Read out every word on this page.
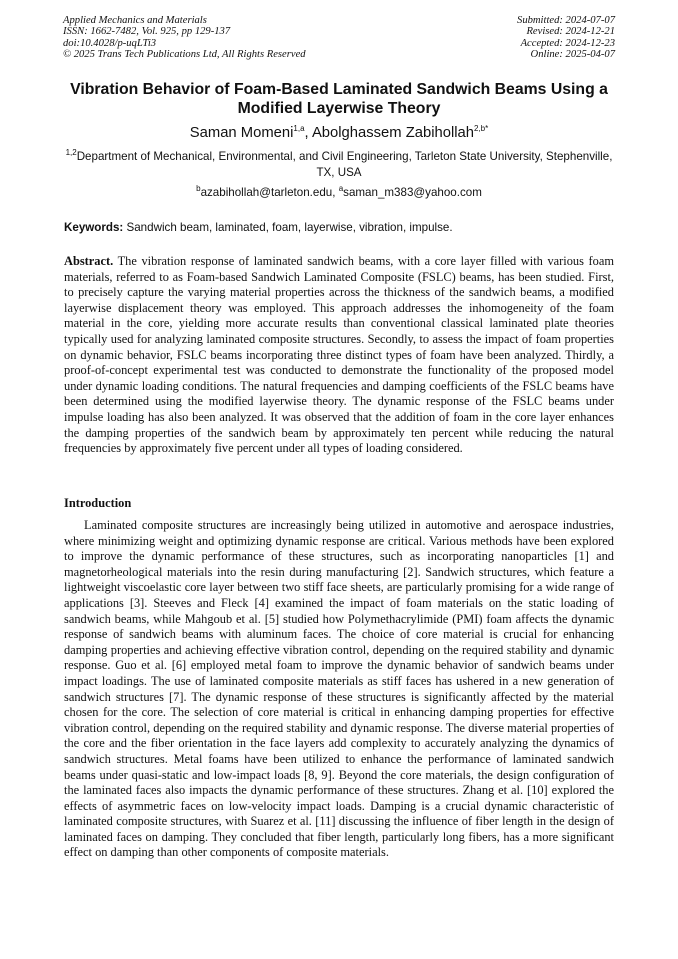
Applied Mechanics and Materials
ISSN: 1662-7482, Vol. 925, pp 129-137
doi:10.4028/p-uqLTi3
© 2025 Trans Tech Publications Ltd, All Rights Reserved
Submitted: 2024-07-07
Revised: 2024-12-21
Accepted: 2024-12-23
Online: 2025-04-07
Vibration Behavior of Foam-Based Laminated Sandwich Beams Using a Modified Layerwise Theory
Saman Momeni$^{1,a}$, Abolghassem Zabihollah$^{2,b*}$
$^{1,2}$Department of Mechanical, Environmental, and Civil Engineering, Tarleton State University, Stephenville, TX, USA
$^b$azabihollah@tarleton.edu, $^a$saman_m383@yahoo.com
Keywords: Sandwich beam, laminated, foam, layerwise, vibration, impulse.

Abstract. The vibration response of laminated sandwich beams, with a core layer filled with various foam materials, referred to as Foam-based Sandwich Laminated Composite (FSLC) beams, has been studied. First, to precisely capture the varying material properties across the thickness of the sandwich beams, a modified layerwise displacement theory was employed. This approach addresses the inhomogeneity of the foam material in the core, yielding more accurate results than conventional classical laminated plate theories typically used for analyzing laminated composite structures. Secondly, to assess the impact of foam properties on dynamic behavior, FSLC beams incorporating three distinct types of foam have been analyzed. Thirdly, a proof-of-concept experimental test was conducted to demonstrate the functionality of the proposed model under dynamic loading conditions. The natural frequencies and damping coefficients of the FSLC beams have been determined using the modified layerwise theory. The dynamic response of the FSLC beams under impulse loading has also been analyzed. It was observed that the addition of foam in the core layer enhances the damping properties of the sandwich beam by approximately ten percent while reducing the natural frequencies by approximately five percent under all types of loading considered.

Introduction

Laminated composite structures are increasingly being utilized in automotive and aerospace industries, where minimizing weight and optimizing dynamic response are critical. Various methods have been explored to improve the dynamic performance of these structures, such as incorporating nanoparticles [1] and magnetorheological materials into the resin during manufacturing [2]. Sandwich structures, which feature a lightweight viscoelastic core layer between two stiff face sheets, are particularly promising for a wide range of applications [3]. Steeves and Fleck [4] examined the impact of foam materials on the static loading of sandwich beams, while Mahgoub et al. [5] studied how Polymethacrylimide (PMI) foam affects the dynamic response of sandwich beams with aluminum faces. The choice of core material is crucial for enhancing damping properties and achieving effective vibration control, depending on the required stability and dynamic response. Guo et al. [6] employed metal foam to improve the dynamic behavior of sandwich beams under impact loadings. The use of laminated composite materials as stiff faces has ushered in a new generation of sandwich structures [7]. The dynamic response of these structures is significantly affected by the material chosen for the core. The selection of core material is critical in enhancing damping properties for effective vibration control, depending on the required stability and dynamic response. The diverse material properties of the core and the fiber orientation in the face layers add complexity to accurately analyzing the dynamics of sandwich structures. Metal foams have been utilized to enhance the performance of laminated sandwich beams under quasi-static and low-impact loads [8, 9]. Beyond the core materials, the design configuration of the laminated faces also impacts the dynamic performance of these structures. Zhang et al. [10] explored the effects of asymmetric faces on low-velocity impact loads. Damping is a crucial dynamic characteristic of laminated composite structures, with Suarez et al. [11] discussing the influence of fiber length in the design of laminated faces on damping. They concluded that fiber length, particularly long fibers, has a more significant effect on damping than other components of composite materials.
